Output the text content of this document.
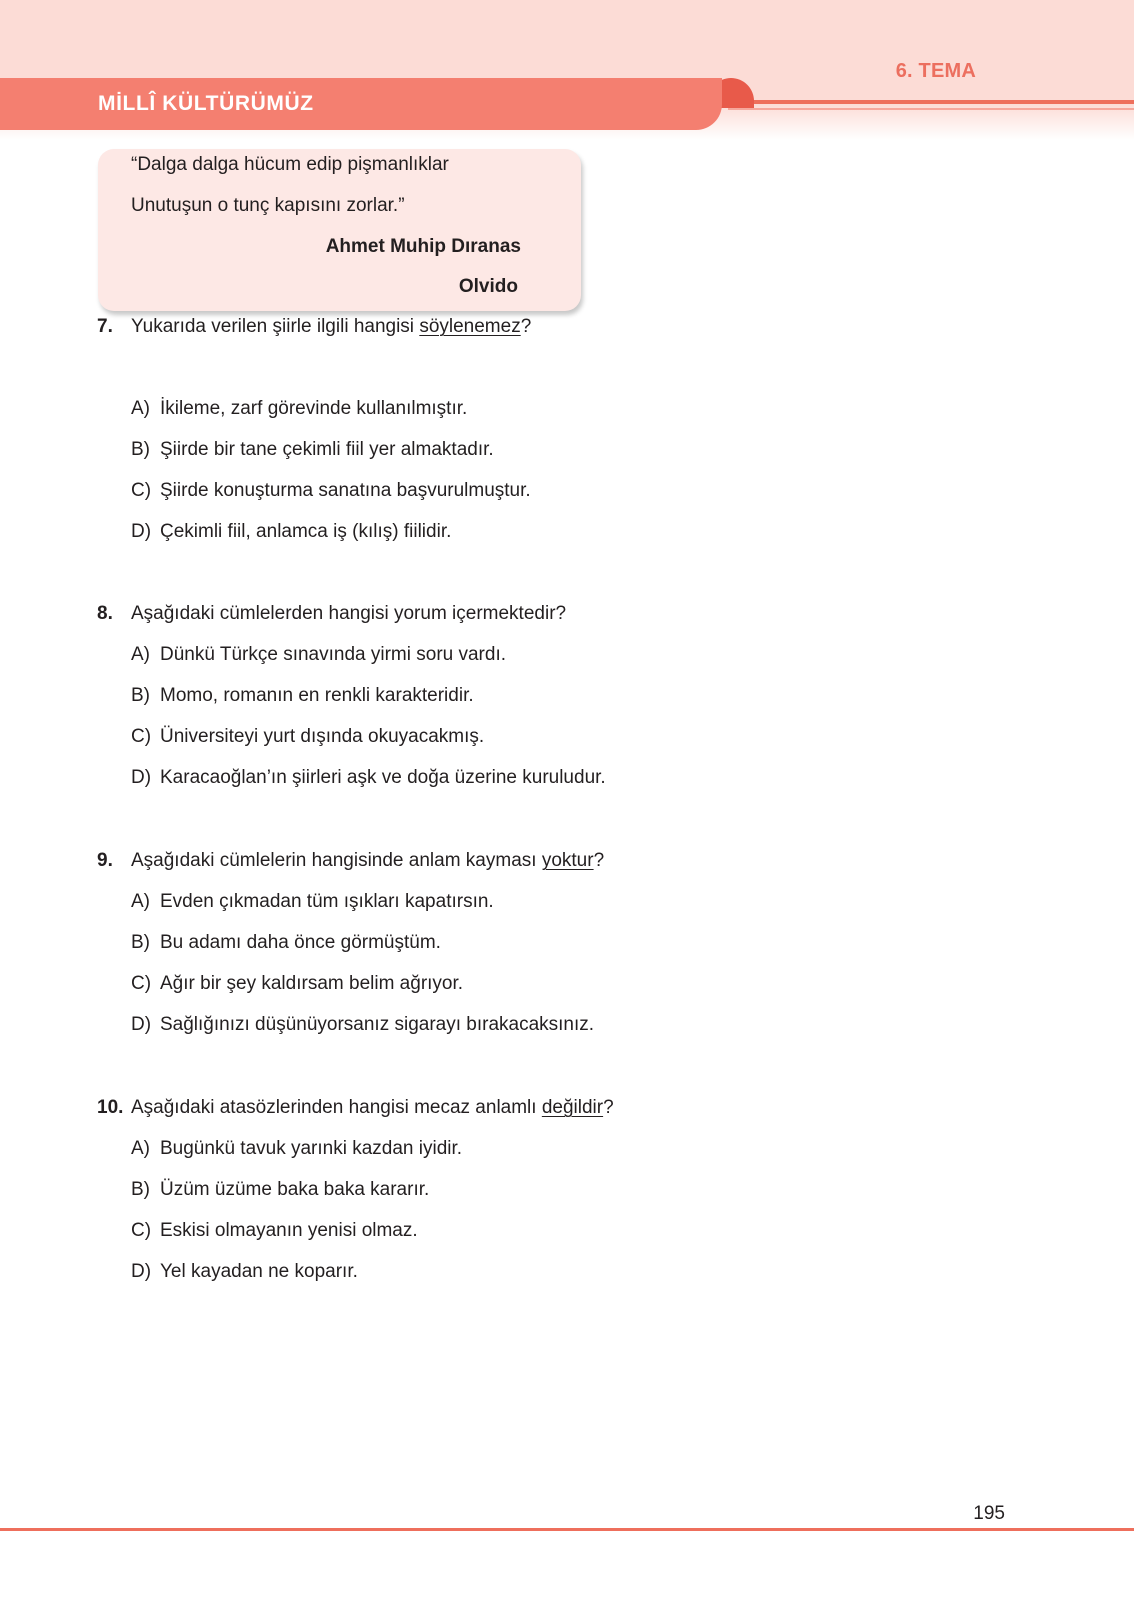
MİLLÎ KÜLTÜRÜMÜZ
6. TEMA
“Dalga dalga hücum edip pişmanlıklar
Unutuşun o tunç kapısını zorlar.”
Ahmet Muhip Dıranas
Olvido
7. Yukarıda verilen şiirle ilgili hangisi söylenemez?
A) İkileme, zarf görevinde kullanılmıştır.
B) Şiirde bir tane çekimli fiil yer almaktadır.
C) Şiirde konuşturma sanatına başvurulmuştur.
D) Çekimli fiil, anlamca iş (kılış) fiilidir.
8. Aşağıdaki cümlelerden hangisi yorum içermektedir?
A) Dünkü Türkçe sınavında yirmi soru vardı.
B) Momo, romanın en renkli karakteridir.
C) Üniversiteyi yurt dışında okuyacakmış.
D) Karacaoğlan’ın şiirleri aşk ve doğa üzerine kuruludur.
9. Aşağıdaki cümlelerin hangisinde anlam kayması yoktur?
A) Evden çıkmadan tüm ışıkları kapatırsın.
B) Bu adamı daha önce görmüştüm.
C) Ağır bir şey kaldırsam belim ağrıyor.
D) Sağlığınızı düşünüyorsanız sigarayı bırakacaksınız.
10. Aşağıdaki atasözlerinden hangisi mecaz anlamlı değildir?
A) Bugünkü tavuk yarınki kazdan iyidir.
B) Üzüm üzüme baka baka kararır.
C) Eskisi olmayanın yenisi olmaz.
D) Yel kayadan ne koparır.
195
